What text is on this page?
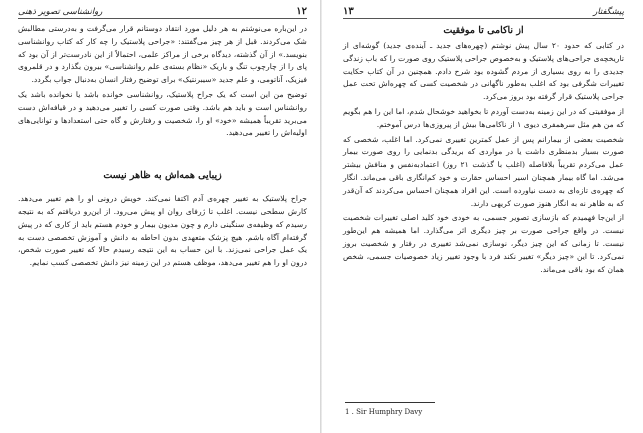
۱۲
روانشناسی تصویر ذهنی

در این‌باره می‌نوشتم به هر دلیل مورد انتقاد دوستانم قرار می‌گرفت و به‌درستی مطالبش شک می‌کردند. قبل از هر چیز می‌گفتند: «جراحی پلاستیک را چه کار که کتاب روانشناسی بنویسد.» از آن گذشته، دیدگاه برخی از مراکز علمی، احتمالاً از این نادرست‌تر از آن بود که پای را از چارچوب تنگ و باریک «نظام بسته‌ی علم روانشناسی» بیرون بگذارد و در قلمروی فیزیک، آناتومی، و علم جدید «سیبرنتیک» برای توضیح رفتار انسان به‌دنبال جواب بگردد.

توضیح من این است که یک جراح پلاستیک، روانشناسی خوانده باشد یا نخوانده باشد یک روانشناس است و باید هم باشد. وقتی صورت کسی را تغییر می‌دهید و در قیافه‌اش دست می‌برید تقریباً همیشه «خود» او را، شخصیت و رفتارش و گاه حتی استعدادها و توانایی‌های اولیه‌اش را تغییر می‌دهید.

زیبایی همه‌اش به ظاهر نیست

جراح پلاستیک به تغییر چهره‌ی آدم اکتفا نمی‌کند. خویش درونی او را هم تغییر می‌دهد. کارش سطحی نیست. اغلب تا ژرفای روان او پیش می‌رود. از این‌رو دریافتم که به نتیجه رسیدم که وظیفه‌ی سنگینی دارم و چون مدیون بیمار و خودم هستم باید از کاری که در پیش گرفته‌ام آگاه باشم. هیچ پزشک متعهدی بدون احاطه به دانش و آموزش تخصصی دست به یک عمل جراحی نمی‌زند. با این حساب به این نتیجه رسیدم حالا که تغییر صورت شخص، درون او را هم تغییر می‌دهد، موظف هستم در این زمینه نیز دانش تخصصی کسب نمایم.

پیشگفتار
۱۳
از ناکامی تا موفقیت

در کتابی که حدود ۲۰ سال پیش نوشتم (چهره‌های جدید ـ آینده‌ی جدید) گوشه‌ای از تاریخچه‌ی جراحی‌های پلاستیک و به‌خصوص جراحی پلاستیک روی صورت را که باب زندگی جدیدی را به روی بسیاری از مردم گشوده بود شرح دادم. همچنین در آن کتاب حکایت تغییرات شگرفی بود که اغلب به‌طور ناگهانی در شخصیت کسی که چهره‌اش تحت عمل جراحی پلاستیک قرار گرفته بود بروز می‌کرد.

از موفقیتی که در این زمینه به‌دست آوردم تا بخواهید خوشحال شدم، اما این را هم بگویم که من هم مثل سرهمفری دیوی ۱ از ناکامی‌ها بیش از پیروزی‌ها درس آموختم.

شخصیت بعضی از بیمارانم پس از عمل کمترین تغییری نمی‌کرد. اما اغلب، شخصی که صورت بسیار بدمنظری داشت یا در مواردی که بریدگی بدنمایی را روی صورت بیمار عمل می‌کردم تقریباً بلافاصله (اغلب با گذشت ۲۱ روز) اعتمادبه‌نفس و منافش بیشتر می‌شد. اما گاه بیمار همچنان اسیر احساس حقارت و خود کم‌انگاری باقی می‌ماند. انگار که چهره‌ی تازه‌ای به دست نیاورده است. این افراد همچنان احساس می‌کردند که آن‌قدر که به ظاهر نه به انگار هنوز صورت کریهی دارند.

از این‌جا فهمیدم که بازسازی تصویر جسمی، به خودی خود کلید اصلی تغییرات شخصیت نیست. در واقع جراحی صورت بر چیز دیگری اثر می‌گذارد. اما همیشه هم این‌طور نیست. تا زمانی که این چیز دیگر، نوسازی نمی‌شد تغییری در رفتار و شخصیت بروز نمی‌کرد. تا این «چیز دیگر» تغییر نکند فرد با وجود تغییر زیاد خصوصیات جسمی، شخص همان که بود باقی می‌ماند.

1 . Sir Humphry Davy
